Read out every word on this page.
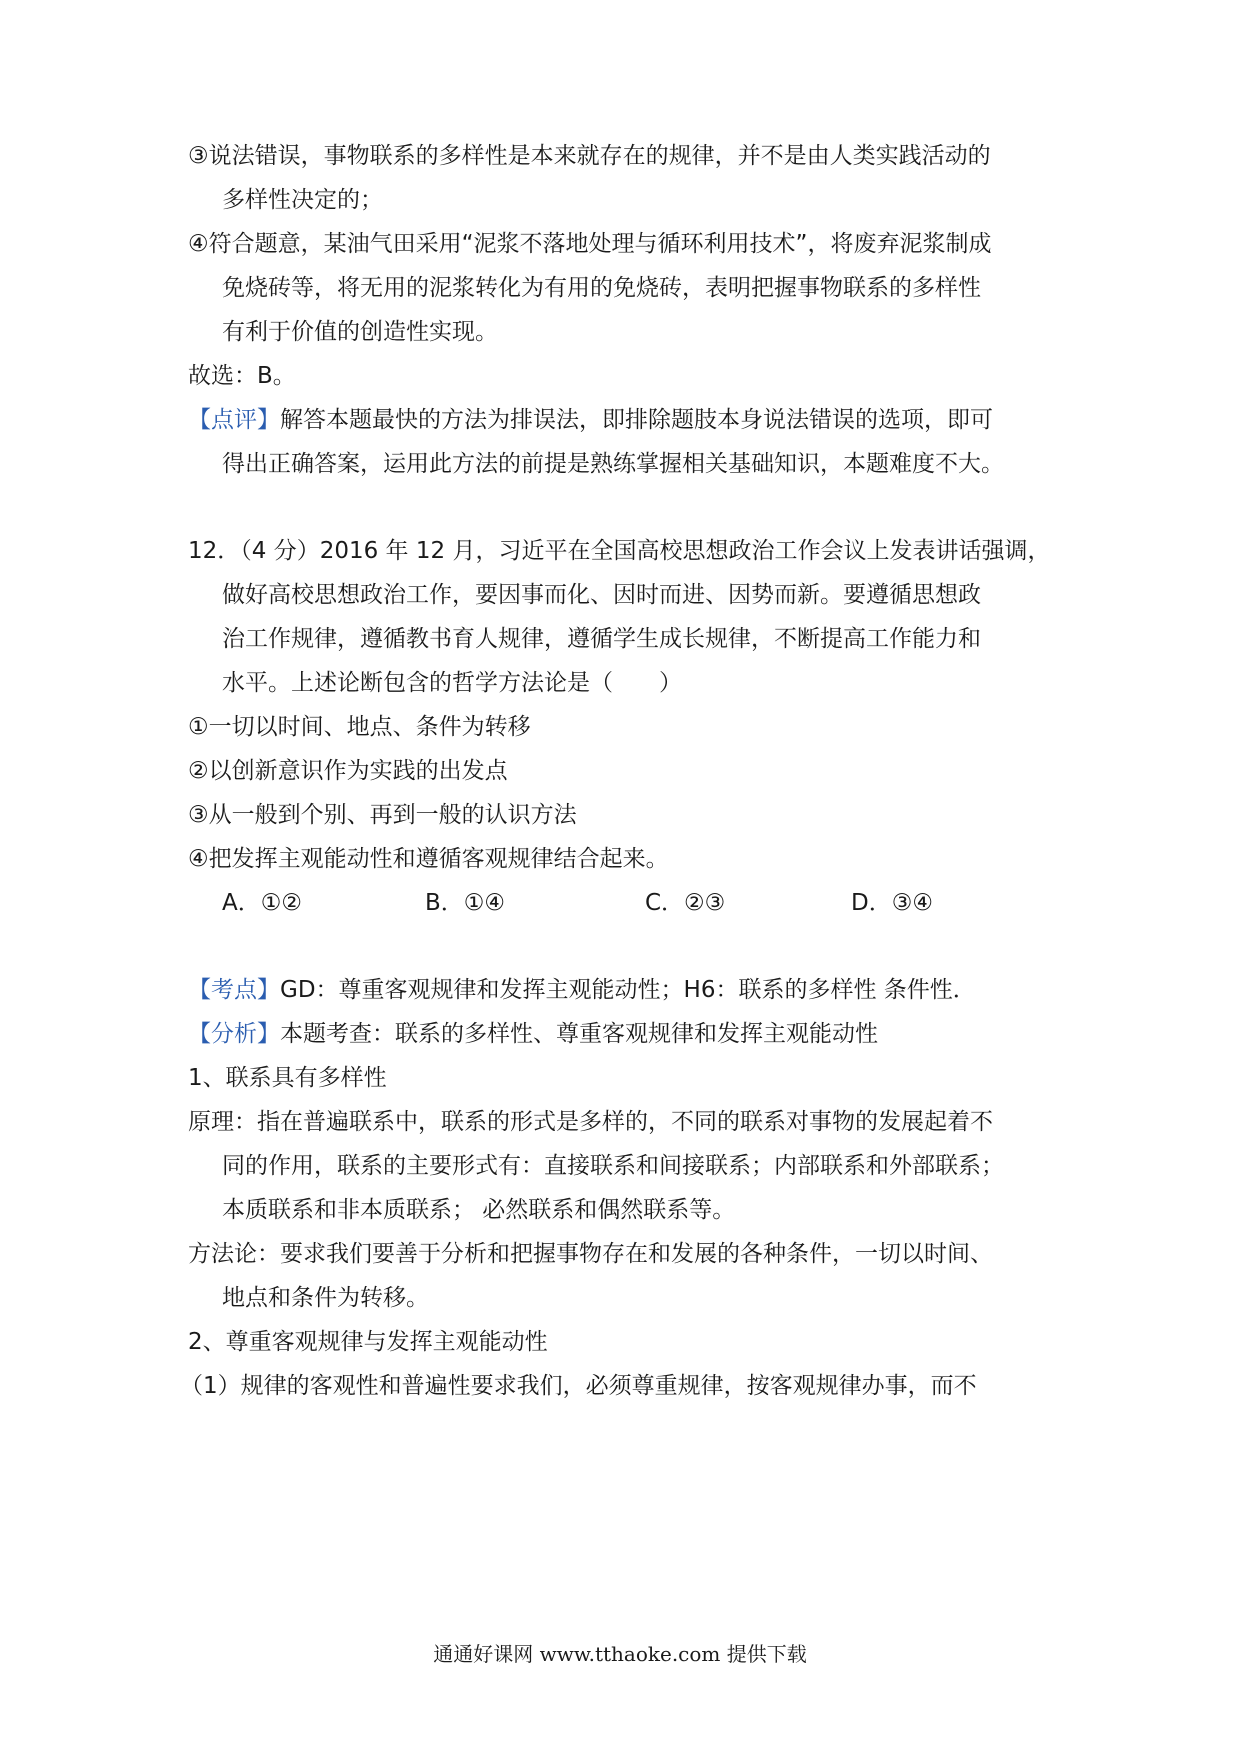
③说法错误，事物联系的多样性是本来就存在的规律，并不是由人类实践活动的
多样性决定的；
④符合题意，某油气田采用“泥浆不落地处理与循环利用技术”，将废弃泥浆制成
免烧砖等，将无用的泥浆转化为有用的免烧砖，表明把握事物联系的多样性
有利于价值的创造性实现。
故选：B。
【点评】解答本题最快的方法为排误法，即排除题肢本身说法错误的选项，即可
得出正确答案，运用此方法的前提是熟练掌握相关基础知识，本题难度不大。
12．（4 分）2016 年 12 月，习近平在全国高校思想政治工作会议上发表讲话强调，
做好高校思想政治工作，要因事而化、因时而进、因势而新。要遵循思想政
治工作规律，遵循教书育人规律，遵循学生成长规律，不断提高工作能力和
水平。上述论断包含的哲学方法论是（　　）
①一切以时间、地点、条件为转移
②以创新意识作为实践的出发点
③从一般到个别、再到一般的认识方法
④把发挥主观能动性和遵循客观规律结合起来。
A．①②	B．①④	C．②③	D．③④
【考点】GD：尊重客观规律和发挥主观能动性；H6：联系的多样性 条件性．
【分析】本题考查：联系的多样性、尊重客观规律和发挥主观能动性
1、联系具有多样性
原理：指在普遍联系中，联系的形式是多样的，不同的联系对事物的发展起着不
同的作用，联系的主要形式有：直接联系和间接联系；内部联系和外部联系；
本质联系和非本质联系； 必然联系和偶然联系等。
方法论：要求我们要善于分析和把握事物存在和发展的各种条件，一切以时间、
地点和条件为转移。
2、尊重客观规律与发挥主观能动性
（1）规律的客观性和普遍性要求我们，必须尊重规律，按客观规律办事，而不
通通好课网 www.tthaoke.com 提供下载
